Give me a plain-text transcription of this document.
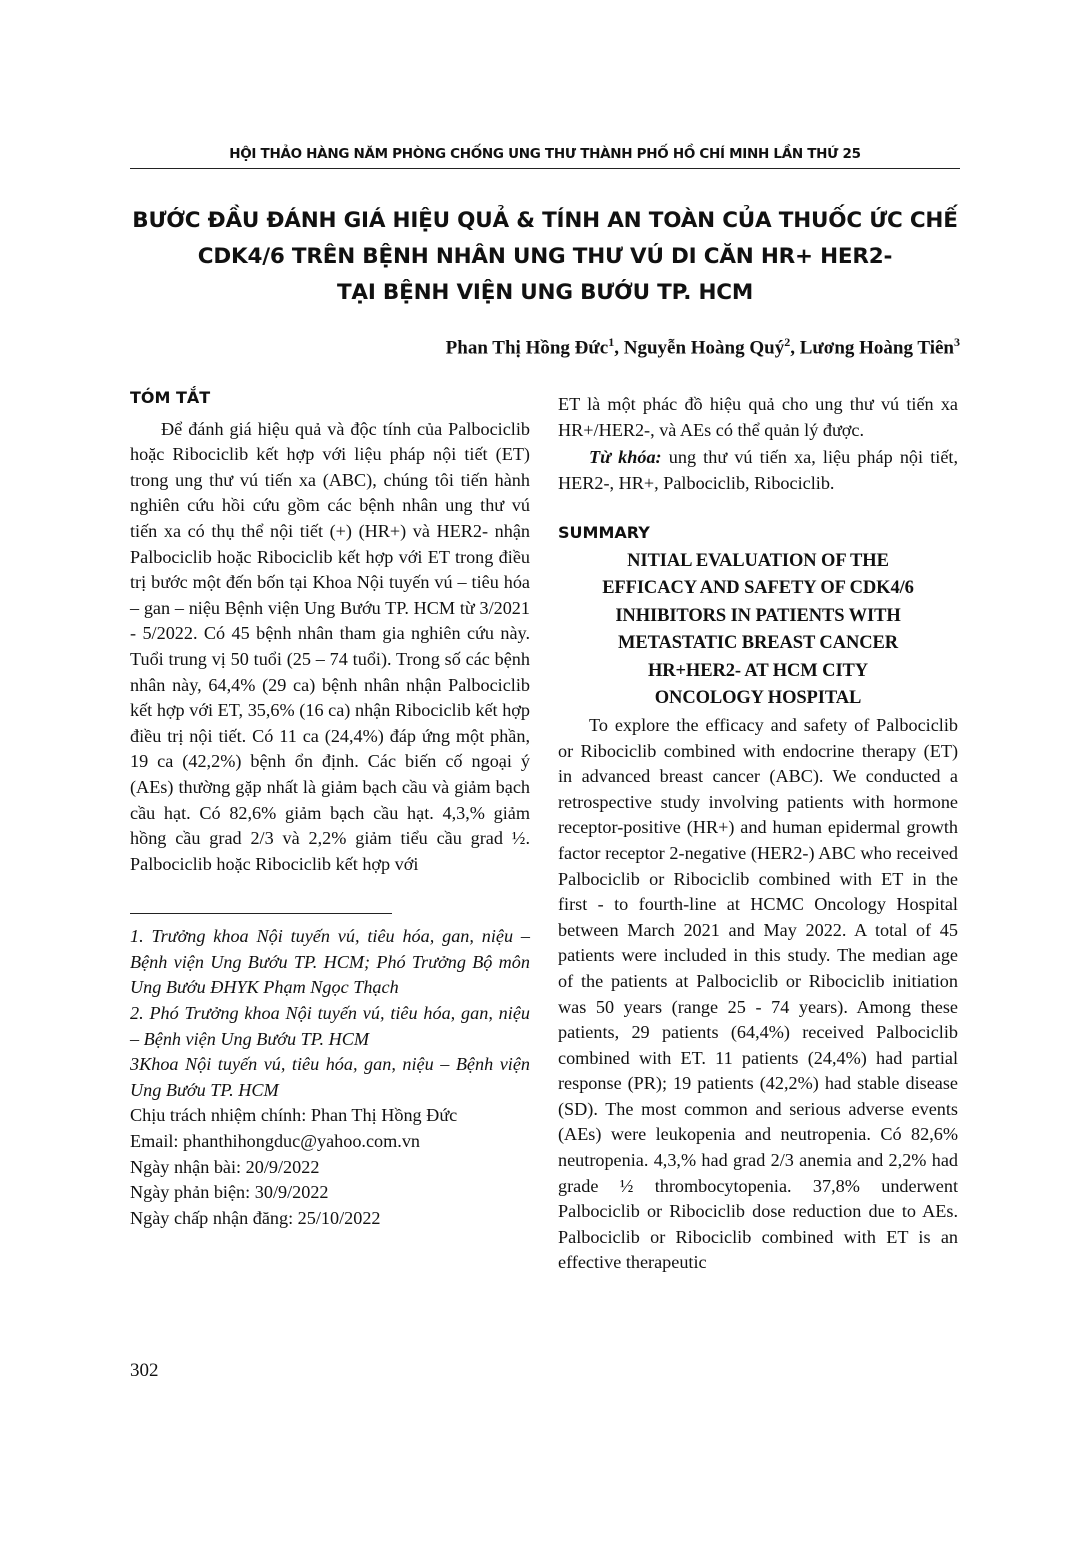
HỘI THẢO HÀNG NĂM PHÒNG CHỐNG UNG THƯ THÀNH PHỐ HỒ CHÍ MINH LẦN THỨ 25
BƯỚC ĐẦU ĐÁNH GIÁ HIỆU QUẢ & TÍNH AN TOÀN CỦA THUỐC ỨC CHẾ
CDK4/6 TRÊN BỆNH NHÂN UNG THƯ VÚ DI CĂN HR+ HER2-
TẠI BỆNH VIỆN UNG BƯỚU TP. HCM
Phan Thị Hồng Đức$^1$, Nguyễn Hoàng Quý$^2$, Lương Hoàng Tiên$^3$
TÓM TẮT

Để đánh giá hiệu quả và độc tính của Palbociclib hoặc Ribociclib kết hợp với liệu pháp nội tiết (ET) trong ung thư vú tiến xa (ABC), chúng tôi tiến hành nghiên cứu hồi cứu gồm các bệnh nhân ung thư vú tiến xa có thụ thể nội tiết (+) (HR+) và HER2- nhận Palbociclib hoặc Ribociclib kết hợp với ET trong điều trị bước một đến bốn tại Khoa Nội tuyến vú – tiêu hóa – gan – niệu Bệnh viện Ung Bướu TP. HCM từ 3/2021 - 5/2022. Có 45 bệnh nhân tham gia nghiên cứu này. Tuổi trung vị 50 tuổi (25 – 74 tuổi). Trong số các bệnh nhân này, 64,4% (29 ca) bệnh nhân nhận Palbociclib kết hợp với ET, 35,6% (16 ca) nhận Ribociclib kết hợp điều trị nội tiết. Có 11 ca (24,4%) đáp ứng một phần, 19 ca (42,2%) bệnh ổn định. Các biến cố ngoại ý (AEs) thường gặp nhất là giảm bạch cầu và giảm bạch cầu hạt. Có 82,6% giảm bạch cầu hạt. 4,3,% giảm hồng cầu grad 2/3 và 2,2% giảm tiểu cầu grad ½. Palbociclib hoặc Ribociclib kết hợp với

1. Trưởng khoa Nội tuyến vú, tiêu hóa, gan, niệu – Bệnh viện Ung Bướu TP. HCM; Phó Trưởng Bộ môn Ung Bướu ĐHYK Phạm Ngọc Thạch

2. Phó Trưởng khoa Nội tuyến vú, tiêu hóa, gan, niệu – Bệnh viện Ung Bướu TP. HCM

3Khoa Nội tuyến vú, tiêu hóa, gan, niệu – Bệnh viện Ung Bướu TP. HCM

Chịu trách nhiệm chính: Phan Thị Hồng Đức

Email: phanthihongduc@yahoo.com.vn

Ngày nhận bài: 20/9/2022

Ngày phản biện: 30/9/2022

Ngày chấp nhận đăng: 25/10/2022

ET là một phác đồ hiệu quả cho ung thư vú tiến xa HR+/HER2-, và AEs có thể quản lý được.

Từ khóa: ung thư vú tiến xa, liệu pháp nội tiết, HER2-, HR+, Palbociclib, Ribociclib.

SUMMARY

NITIAL EVALUATION OF THE

EFFICACY AND SAFETY OF CDK4/6

INHIBITORS IN PATIENTS WITH

METASTATIC BREAST CANCER

HR+HER2- AT HCM CITY

ONCOLOGY HOSPITAL

To explore the efficacy and safety of Palbociclib or Ribociclib combined with endocrine therapy (ET) in advanced breast cancer (ABC). We conducted a retrospective study involving patients with hormone receptor-positive (HR+) and human epidermal growth factor receptor 2-negative (HER2-) ABC who received Palbociclib or Ribociclib combined with ET in the first - to fourth-line at HCMC Oncology Hospital between March 2021 and May 2022. A total of 45 patients were included in this study. The median age of the patients at Palbociclib or Ribociclib initiation was 50 years (range 25 - 74 years). Among these patients, 29 patients (64,4%) received Palbociclib combined with ET. 11 patients (24,4%) had partial response (PR); 19 patients (42,2%) had stable disease (SD). The most common and serious adverse events (AEs) were leukopenia and neutropenia. Có 82,6% neutropenia. 4,3,% had grad 2/3 anemia and 2,2% had grade ½ thrombocytopenia. 37,8% underwent Palbociclib or Ribociclib dose reduction due to AEs. Palbociclib or Ribociclib combined with ET is an effective therapeutic

302
